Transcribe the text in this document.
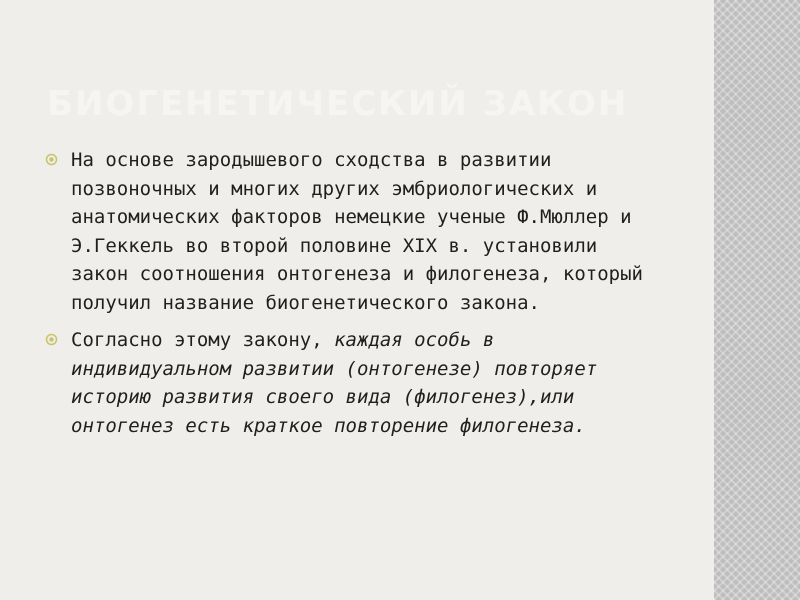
БИОГЕНЕТИЧЕСКИЙ ЗАКОН
На основе зародышевого сходства в развитии позвоночных и многих других эмбриологических и анатомических факторов немецкие ученые Ф.Мюллер и Э.Геккель во второй половине XIX в. установили закон соотношения онтогенеза и филогенеза, который получил название биогенетического закона.
Согласно этому закону, каждая особь в индивидуальном развитии (онтогенезе) повторяет историю развития своего вида (филогенез),или онтогенез есть краткое повторение филогенеза.
